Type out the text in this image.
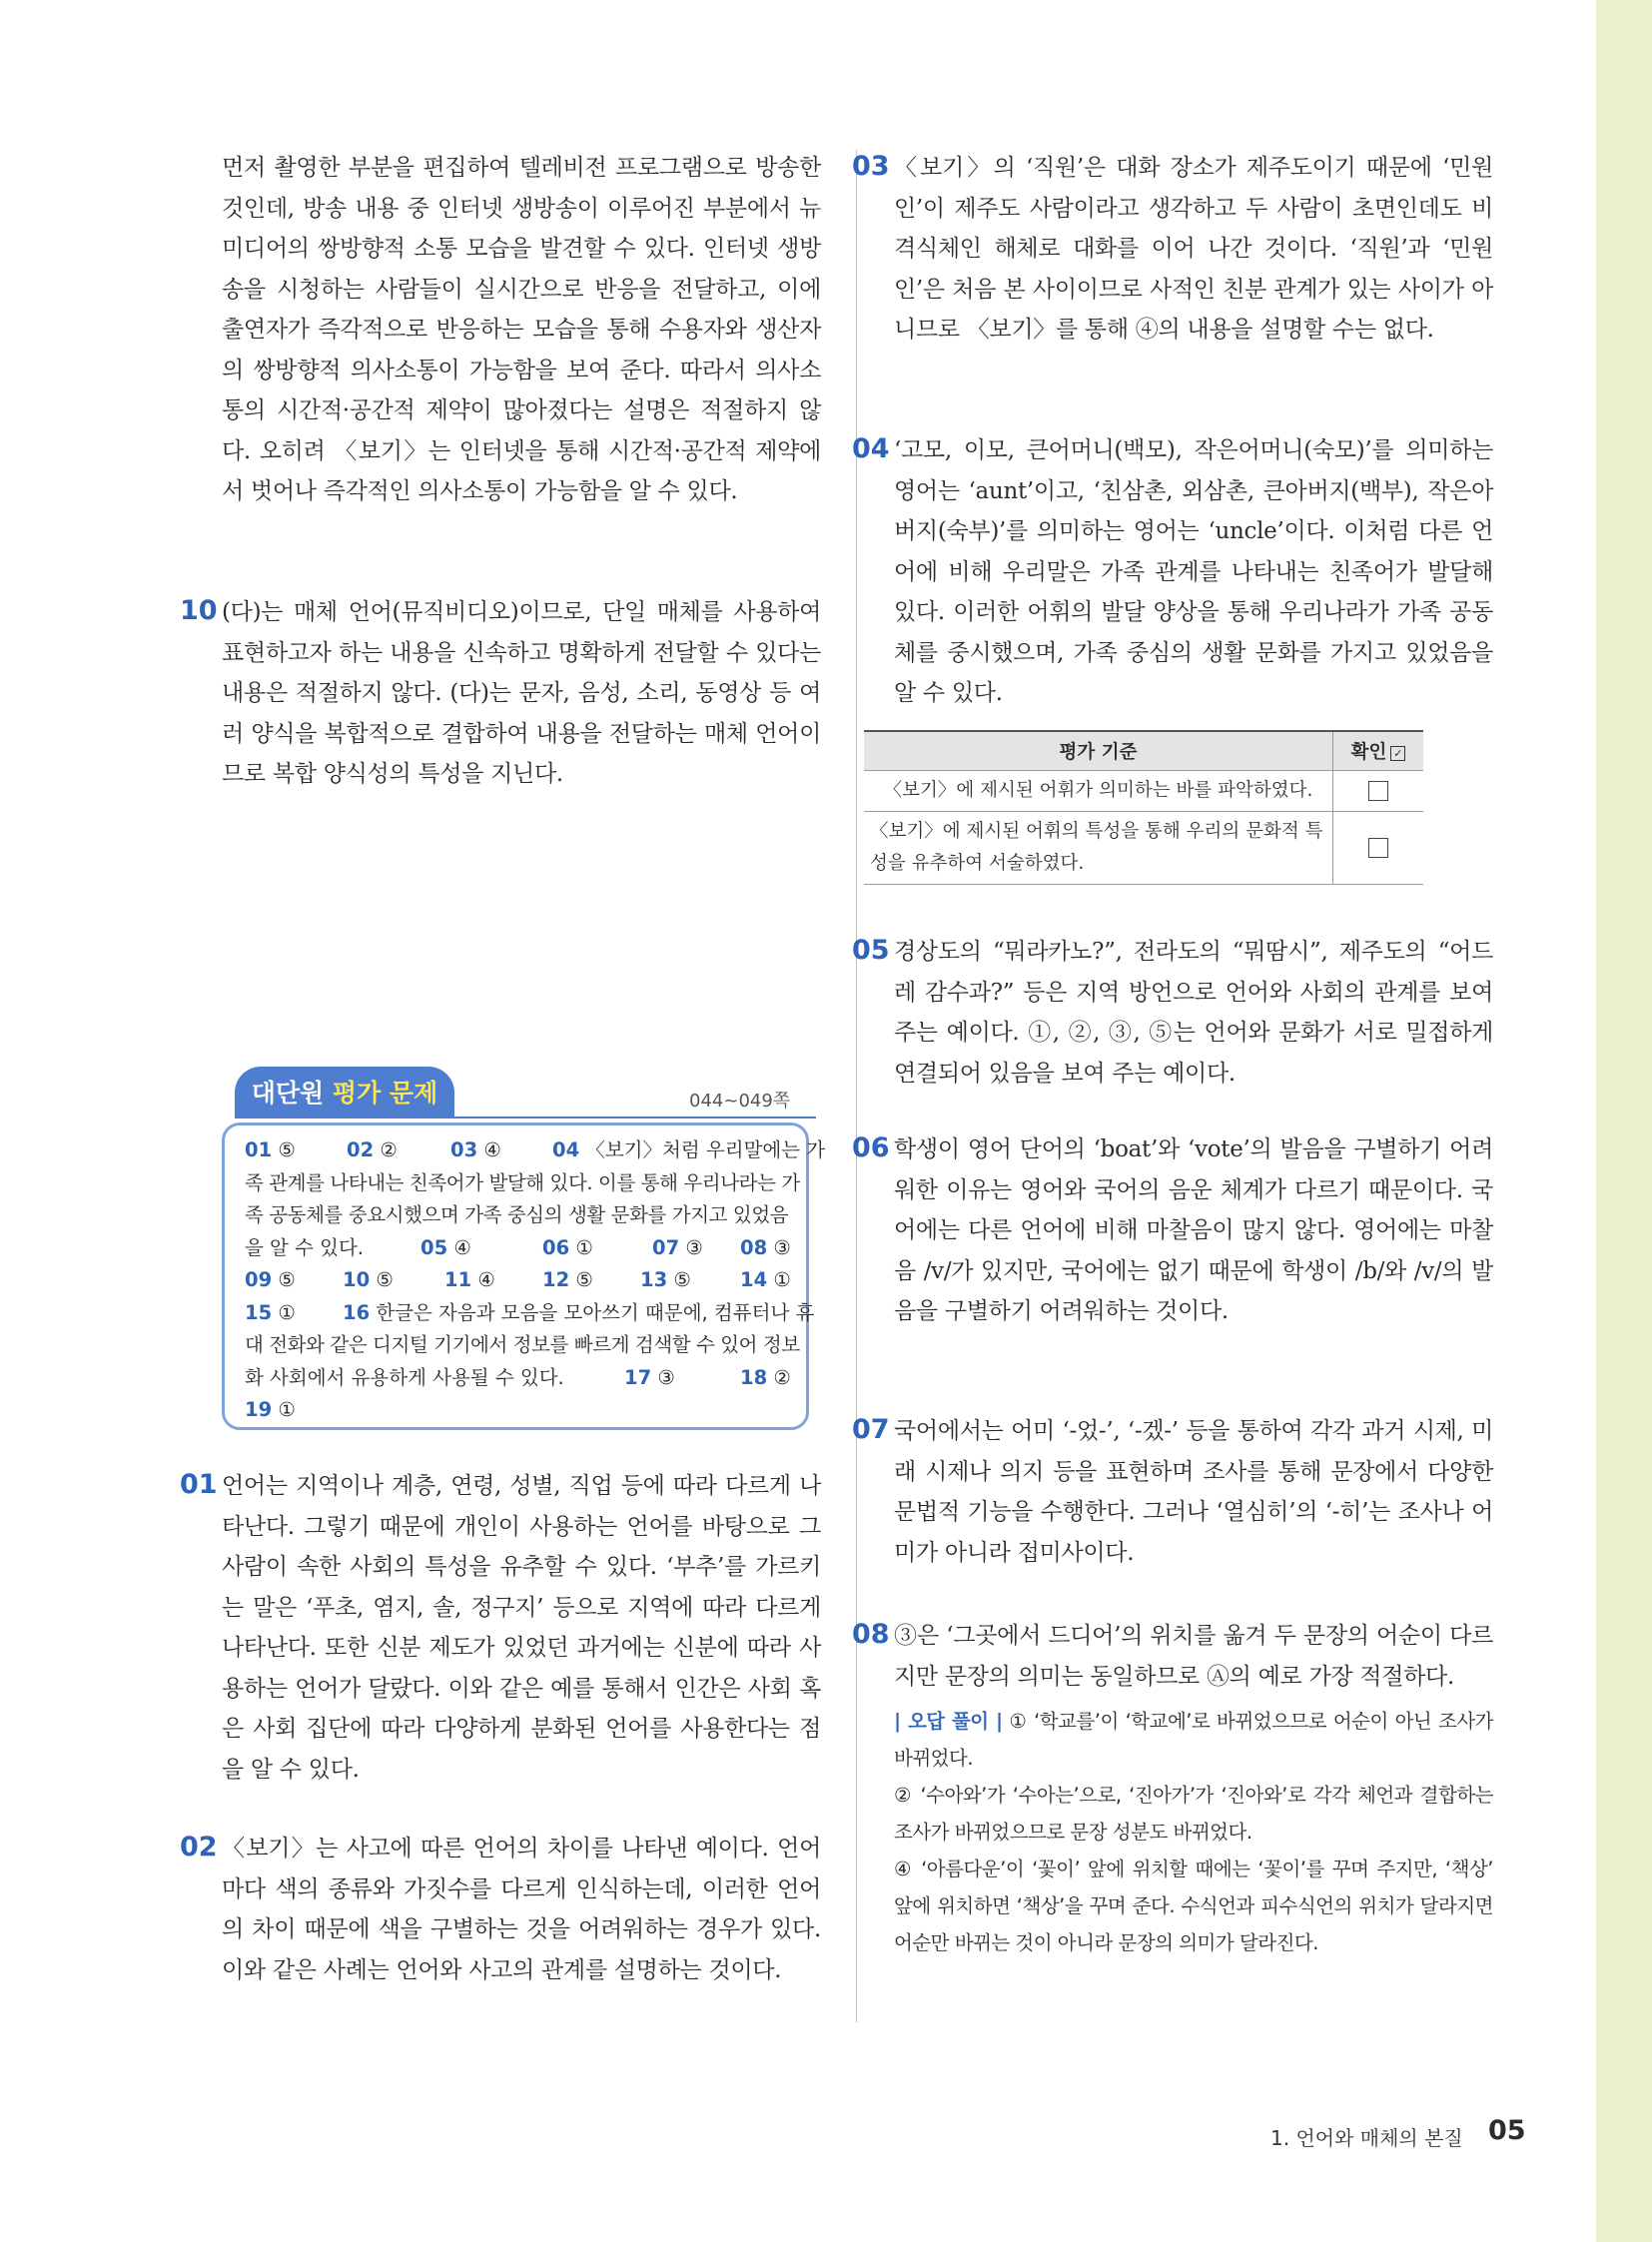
먼저 촬영한 부분을 편집하여 텔레비전 프로그램으로 방송한 것인데, 방송 내용 중 인터넷 생방송이 이루어진 부분에서 뉴 미디어의 쌍방향적 소통 모습을 발견할 수 있다. 인터넷 생방송을 시청하는 사람들이 실시간으로 반응을 전달하고, 이에 출연자가 즉각적으로 반응하는 모습을 통해 수용자와 생산자의 쌍방향적 의사소통이 가능함을 보여 준다. 따라서 의사소통의 시간적·공간적 제약이 많아졌다는 설명은 적절하지 않다. 오히려 〈보기〉는 인터넷을 통해 시간적·공간적 제약에서 벗어나 즉각적인 의사소통이 가능함을 알 수 있다.
10 (다)는 매체 언어(뮤직비디오)이므로, 단일 매체를 사용하여 표현하고자 하는 내용을 신속하고 명확하게 전달할 수 있다는 내용은 적절하지 않다. (다)는 문자, 음성, 소리, 동영상 등 여러 양식을 복합적으로 결합하여 내용을 전달하는 매체 언어이므로 복합 양식성의 특성을 지닌다.
01 언어는 지역이나 계층, 연령, 성별, 직업 등에 따라 다르게 나타난다. 그렇기 때문에 개인이 사용하는 언어를 바탕으로 그 사람이 속한 사회의 특성을 유추할 수 있다. ‘부추’를 가르키는 말은 ‘푸초, 염지, 솔, 정구지’ 등으로 지역에 따라 다르게 나타난다. 또한 신분 제도가 있었던 과거에는 신분에 따라 사용하는 언어가 달랐다. 이와 같은 예를 통해서 인간은 사회 혹은 사회 집단에 따라 다양하게 분화된 언어를 사용한다는 점을 알 수 있다.
02 〈보기〉는 사고에 따른 언어의 차이를 나타낸 예이다. 언어마다 색의 종류와 가짓수를 다르게 인식하는데, 이러한 언어의 차이 때문에 색을 구별하는 것을 어려워하는 경우가 있다. 이와 같은 사례는 언어와 사고의 관계를 설명하는 것이다.
대단원 평가 문제	044~049쪽
01 ⑤	02 ②	03 ④	04 〈보기〉처럼 우리말에는 가
족 관계를 나타내는 친족어가 발달해 있다. 이를 통해 우리나라는 가
족 공동체를 중요시했으며 가족 중심의 생활 문화를 가지고 있었음
을 알 수 있다.	05 ④	06 ①	07 ③ 08 ③
09 ⑤ 10 ⑤	11 ④ 12 ⑤ 13 ⑤	14 ①
15 ① 16 한글은 자음과 모음을 모아쓰기 때문에, 컴퓨터나 휴
대 전화와 같은 디지털 기기에서 정보를 빠르게 검색할 수 있어 정보
화 사회에서 유용하게 사용될 수 있다.	17 ③	18 ②
19 ①
03 〈보기〉의 ‘직원’은 대화 장소가 제주도이기 때문에 ‘민원인’이 제주도 사람이라고 생각하고 두 사람이 초면인데도 비격식체인 해체로 대화를 이어 나간 것이다. ‘직원’과 ‘민원인’은 처음 본 사이이므로 사적인 친분 관계가 있는 사이가 아니므로 〈보기〉를 통해 ④의 내용을 설명할 수는 없다.
04 ‘고모, 이모, 큰어머니(백모), 작은어머니(숙모)’를 의미하는 영어는 ‘aunt’이고, ‘친삼촌, 외삼촌, 큰아버지(백부), 작은아버지(숙부)’를 의미하는 영어는 ‘uncle’이다. 이처럼 다른 언어에 비해 우리말은 가족 관계를 나타내는 친족어가 발달해 있다. 이러한 어휘의 발달 양상을 통해 우리나라가 가족 공동체를 중시했으며, 가족 중심의 생활 문화를 가지고 있었음을 알 수 있다.
평가 기준	확인 ✓
〈보기〉에 제시된 어휘가 의미하는 바를 파악하였다.	
〈보기〉에 제시된 어휘의 특성을 통해 우리의 문화적 특성을 유추하여 서술하였다.	
05 경상도의 “뭐라카노?”, 전라도의 “뭐땀시”, 제주도의 “어드레 감수과?” 등은 지역 방언으로 언어와 사회의 관계를 보여 주는 예이다. ①, ②, ③, ⑤는 언어와 문화가 서로 밀접하게 연결되어 있음을 보여 주는 예이다.
06 학생이 영어 단어의 ‘boat’와 ‘vote’의 발음을 구별하기 어려워한 이유는 영어와 국어의 음운 체계가 다르기 때문이다. 국어에는 다른 언어에 비해 마찰음이 많지 않다. 영어에는 마찰음 /v/가 있지만, 국어에는 없기 때문에 학생이 /b/와 /v/의 발음을 구별하기 어려워하는 것이다.
07 국어에서는 어미 ‘-었-’, ‘-겠-’ 등을 통하여 각각 과거 시제, 미래 시제나 의지 등을 표현하며 조사를 통해 문장에서 다양한 문법적 기능을 수행한다. 그러나 ‘열심히’의 ‘-히’는 조사나 어미가 아니라 접미사이다.
08 ③은 ‘그곳에서 드디어’의 위치를 옮겨 두 문장의 어순이 다르지만 문장의 의미는 동일하므로 Ⓐ의 예로 가장 적절하다.
| 오답 풀이 | ① ‘학교를’이 ‘학교에’로 바뀌었으므로 어순이 아닌 조사가 바뀌었다.
② ‘수아와’가 ‘수아는’으로, ‘진아가’가 ‘진아와’로 각각 체언과 결합하는 조사가 바뀌었으므로 문장 성분도 바뀌었다.
④ ‘아름다운’이 ‘꽃이’ 앞에 위치할 때에는 ‘꽃이’를 꾸며 주지만, ‘책상’ 앞에 위치하면 ‘책상’을 꾸며 준다. 수식언과 피수식언의 위치가 달라지면 어순만 바뀌는 것이 아니라 문장의 의미가 달라진다.
1. 언어와 매체의 본질 05
